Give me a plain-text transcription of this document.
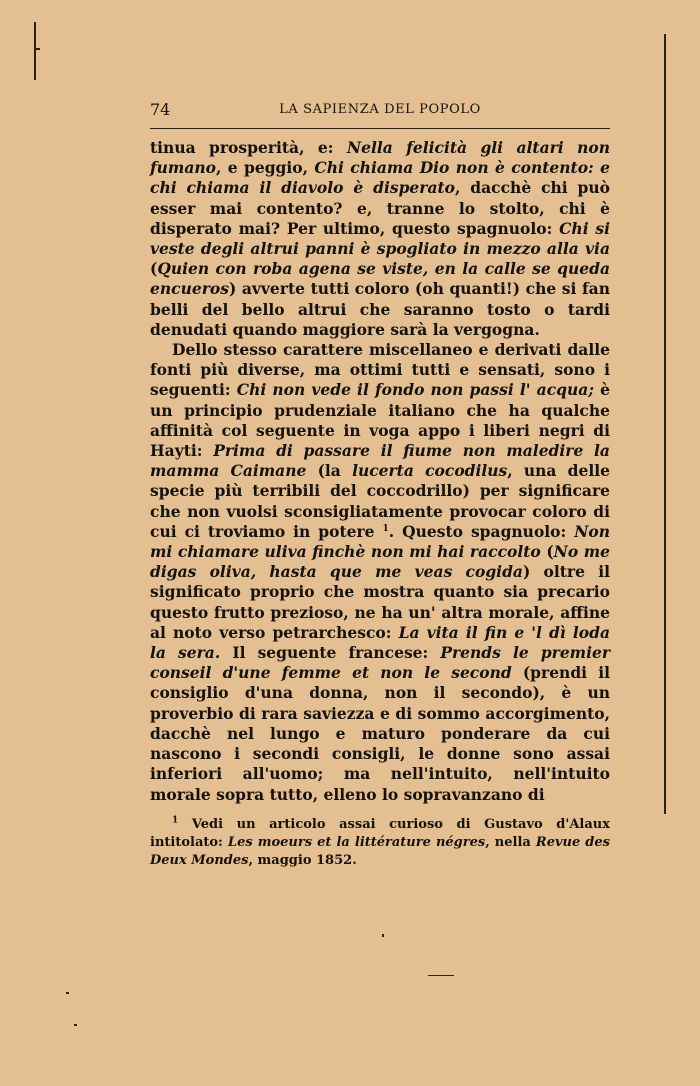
74	LA SAPIENZA DEL POPOLO

tinua prosperità, e: Nella felicità gli altari non fumano, e peggio, Chi chiama Dio non è contento: e chi chiama il diavolo è disperato, dacchè chi può esser mai contento? e, tranne lo stolto, chi è disperato mai? Per ultimo, questo spagnuolo: Chi si veste degli altrui panni è spogliato in mezzo alla via (Quien con roba agena se viste, en la calle se queda encueros) avverte tutti coloro (oh quanti!) che si fan belli del bello altrui che saranno tosto o tardi denudati quando maggiore sarà la vergogna.

Dello stesso carattere miscellaneo e derivati dalle fonti più diverse, ma ottimi tutti e sensati, sono i seguenti: Chi non vede il fondo non passi l' acqua; è un principio prudenziale italiano che ha qualche affinità col seguente in voga appo i liberi negri di Hayti: Prima di passare il fiume non maledire la mamma Caimane (la lucerta cocodilus, una delle specie più terribili del coccodrillo) per significare che non vuolsi sconsigliatamente provocar coloro di cui ci troviamo in potere $^1$. Questo spagnuolo: Non mi chiamare uliva finchè non mi hai raccolto (No me digas oliva, hasta que me veas cogida) oltre il significato proprio che mostra quanto sia precario questo frutto prezioso, ne ha un' altra morale, affine al noto verso petrarchesco: La vita il fin e 'l dì loda la sera. Il seguente francese: Prends le premier conseil d'une femme et non le second (prendi il consiglio d'una donna, non il secondo), è un proverbio di rara saviezza e di sommo accorgimento, dacchè nel lungo e maturo ponderare da cui nascono i secondi consigli, le donne sono assai inferiori all'uomo; ma nell'intuito, nell'intuito morale sopra tutto, elleno lo sopravanzano di

$^1$ Vedi un articolo assai curioso di Gustavo d'Alaux intitolato: Les moeurs et la littérature négres, nella Revue des Deux Mondes, maggio 1852.
